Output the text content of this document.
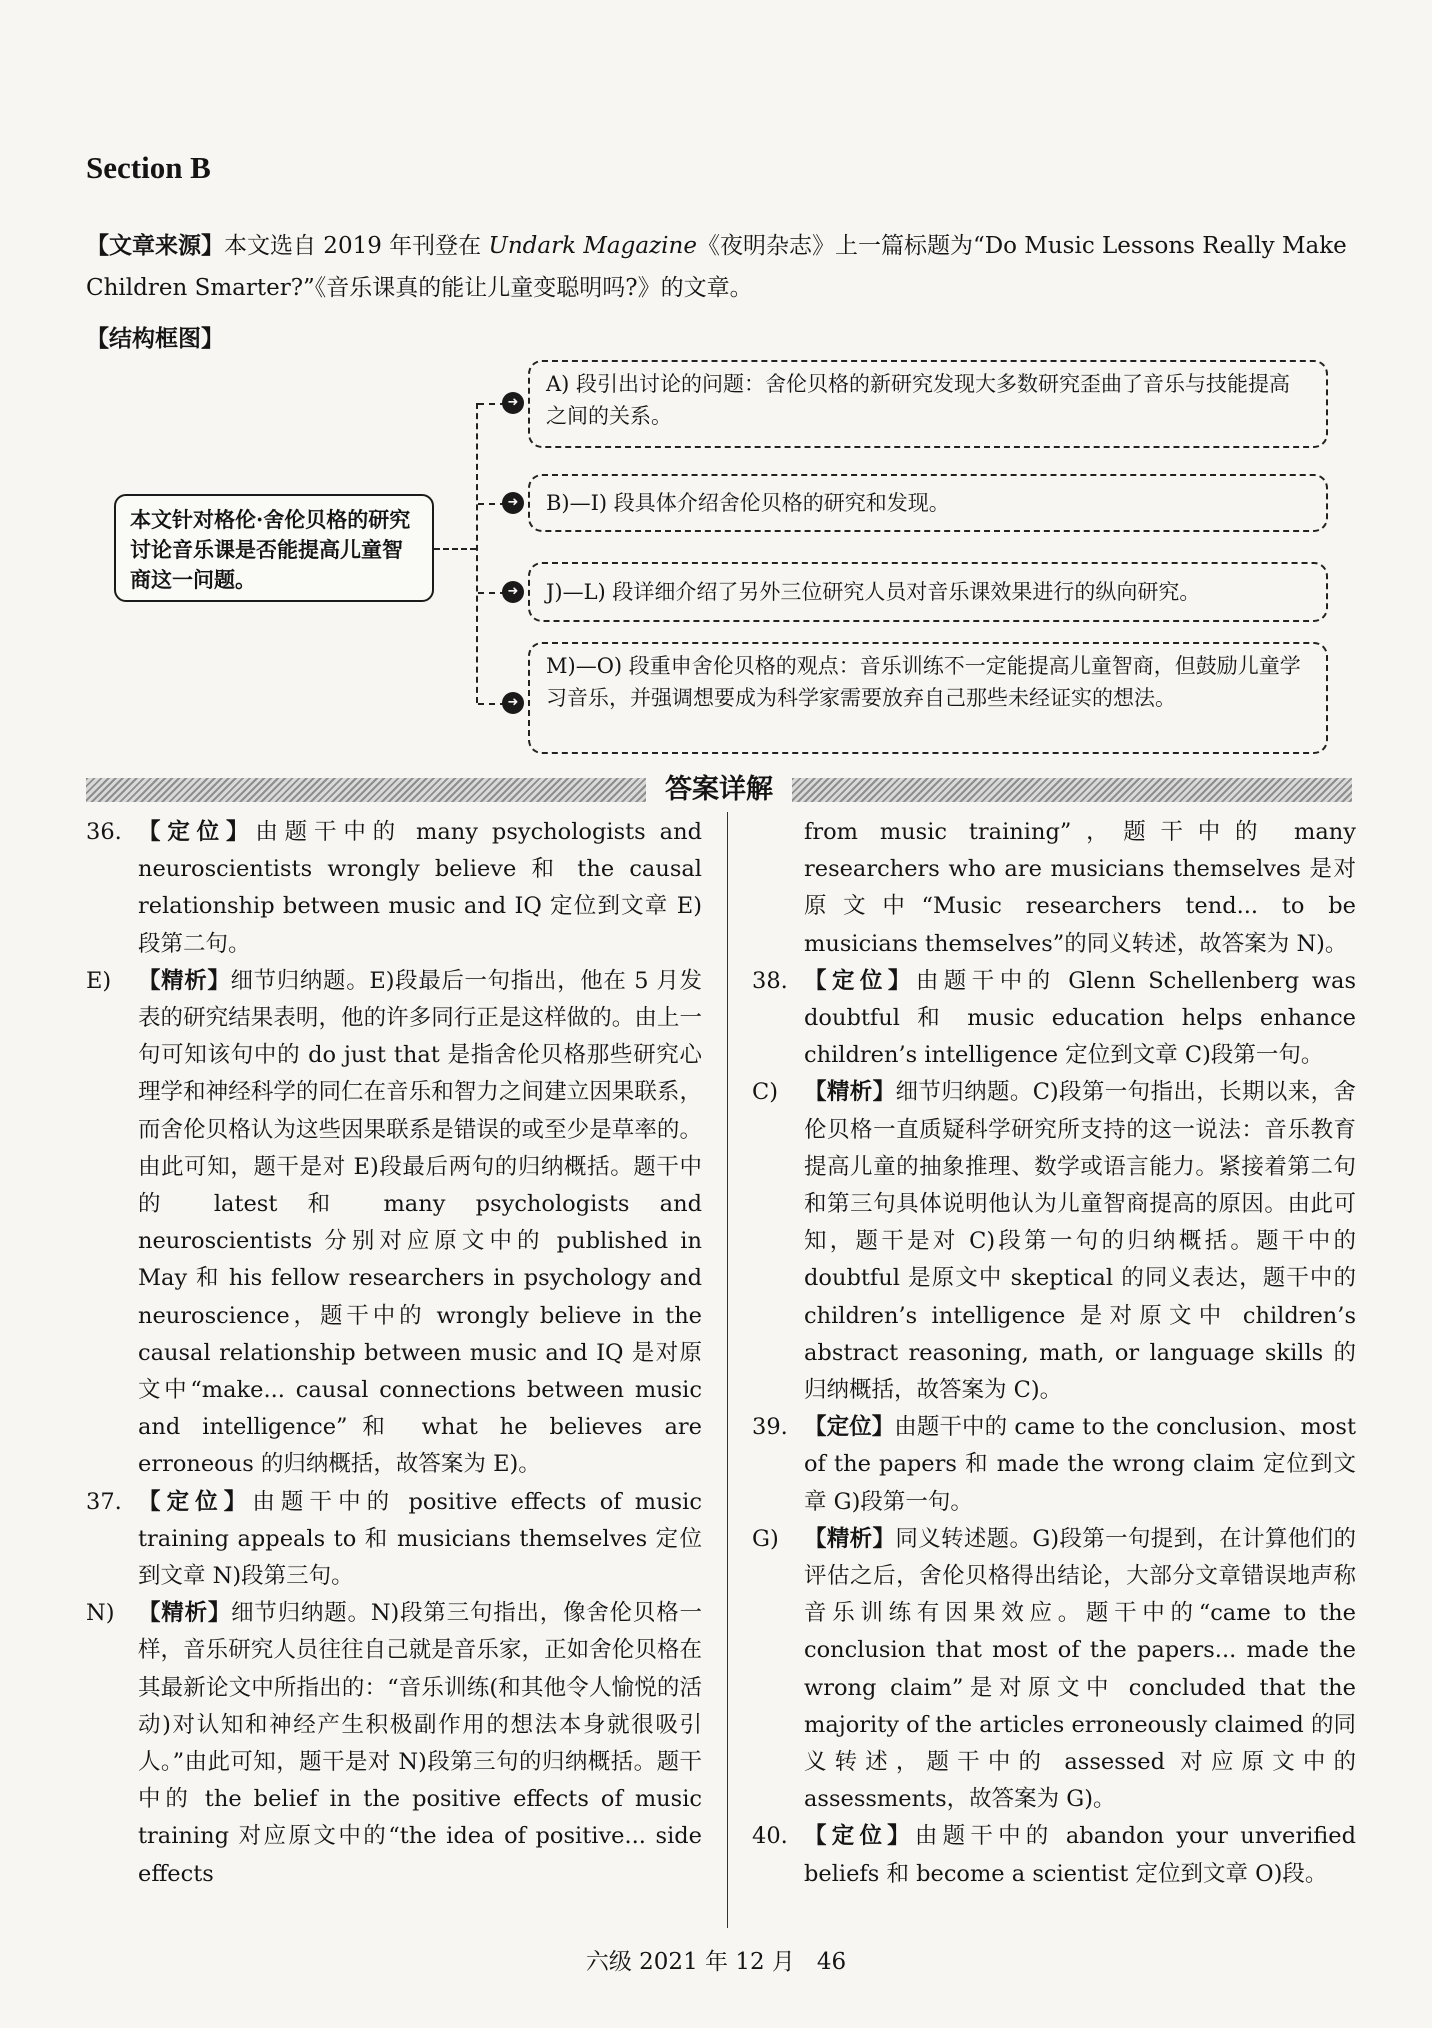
Section B
【文章来源】本文选自 2019 年刊登在 Undark Magazine《夜明杂志》上一篇标题为“Do Music Lessons Really Make Children Smarter?”《音乐课真的能让儿童变聪明吗?》的文章。
【结构框图】
本文针对格伦·舍伦贝格的研究讨论音乐课是否能提高儿童智商这一问题。
➜
A) 段引出讨论的问题：舍伦贝格的新研究发现大多数研究歪曲了音乐与技能提高之间的关系。
➜	B)—I) 段具体介绍舍伦贝格的研究和发现。
➜	J)—L) 段详细介绍了另外三位研究人员对音乐课效果进行的纵向研究。
➜
M)—O) 段重申舍伦贝格的观点：音乐训练不一定能提高儿童智商，但鼓励儿童学习音乐，并强调想要成为科学家需要放弃自己那些未经证实的想法。
答案详解

36. 【定位】由题干中的 many psychologists and neuroscientists wrongly believe 和 the causal relationship between music and IQ 定位到文章 E)段第二句。

E)	【精析】细节归纳题。E)段最后一句指出，他在 5 月发表的研究结果表明，他的许多同行正是这样做的。由上一句可知该句中的 do just that 是指舍伦贝格那些研究心理学和神经科学的同仁在音乐和智力之间建立因果联系，而舍伦贝格认为这些因果联系是错误的或至少是草率的。由此可知，题干是对 E)段最后两句的归纳概括。题干中的 latest 和 many psychologists and neuroscientists 分别对应原文中的 published in May 和 his fellow researchers in psychology and neuroscience，题干中的 wrongly believe in the causal relationship between music and IQ 是对原文中“make... causal connections between music and intelligence”和 what he believes are erroneous 的归纳概括，故答案为 E)。

37. 【定位】由题干中的 positive effects of music training appeals to 和 musicians themselves 定位到文章 N)段第三句。

N)	【精析】细节归纳题。N)段第三句指出，像舍伦贝格一样，音乐研究人员往往自己就是音乐家，正如舍伦贝格在其最新论文中所指出的：“音乐训练(和其他令人愉悦的活动)对认知和神经产生积极副作用的想法本身就很吸引人。”由此可知，题干是对 N)段第三句的归纳概括。题干中的 the belief in the positive effects of music training 对应原文中的“the idea of positive... side effects

from music training”，题干中的 many researchers who are musicians themselves 是对原文中“Music researchers tend... to be musicians themselves”的同义转述，故答案为 N)。

38. 【定位】由题干中的 Glenn Schellenberg was doubtful 和 music education helps enhance children’s intelligence 定位到文章 C)段第一句。

C)	【精析】细节归纳题。C)段第一句指出，长期以来，舍伦贝格一直质疑科学研究所支持的这一说法：音乐教育提高儿童的抽象推理、数学或语言能力。紧接着第二句和第三句具体说明他认为儿童智商提高的原因。由此可知，题干是对 C)段第一句的归纳概括。题干中的 doubtful 是原文中 skeptical 的同义表达，题干中的 children’s intelligence 是对原文中 children’s abstract reasoning, math, or language skills 的归纳概括，故答案为 C)。

39. 【定位】由题干中的 came to the conclusion、most of the papers 和 made the wrong claim 定位到文章 G)段第一句。

G)	【精析】同义转述题。G)段第一句提到，在计算他们的评估之后，舍伦贝格得出结论，大部分文章错误地声称音乐训练有因果效应。题干中的“came to the conclusion that most of the papers... made the wrong claim”是对原文中 concluded that the majority of the articles erroneously claimed 的同义转述，题干中的 assessed 对应原文中的 assessments，故答案为 G)。

40. 【定位】由题干中的 abandon your unverified beliefs 和 become a scientist 定位到文章 O)段。

六级 2021 年 12 月 46
